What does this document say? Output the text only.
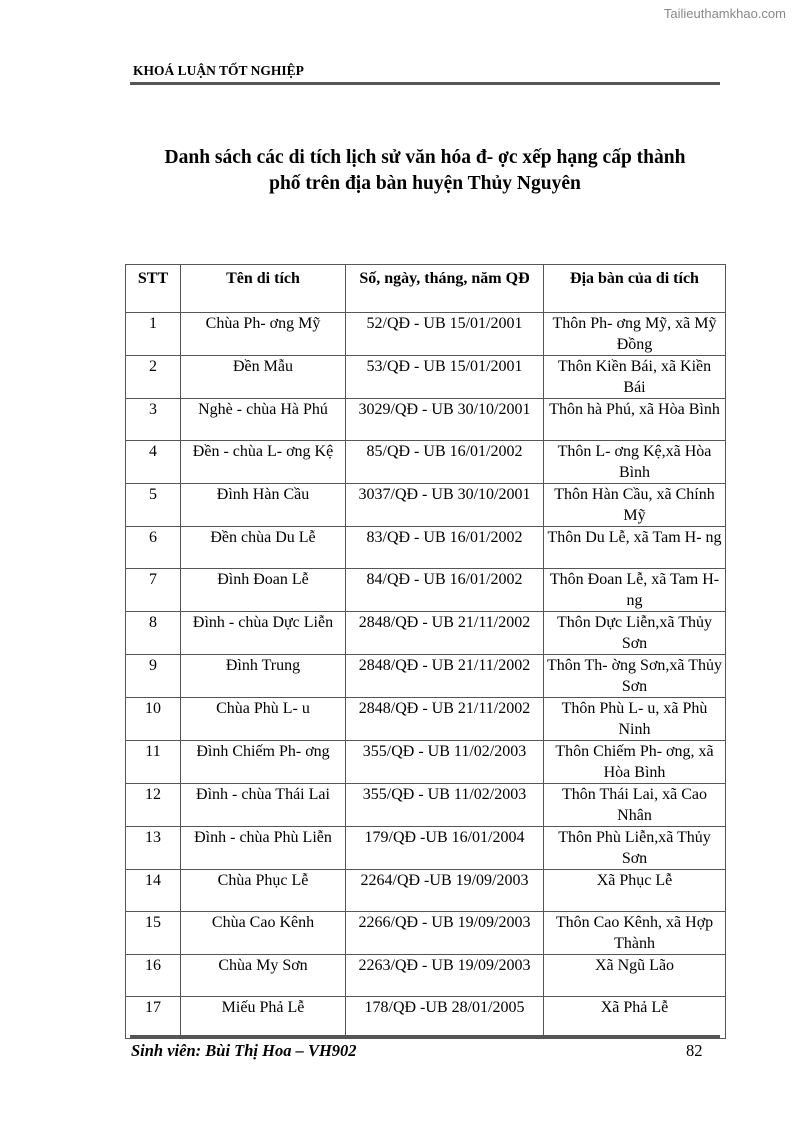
Tailieuthamkhao.com
KHOÁ LUẬN TỐT NGHIỆP
Danh sách các di tích lịch sử văn hóa đ- ợc xếp hạng cấp thành
phố trên địa bàn huyện Thủy Nguyên
STT	Tên di tích	Số, ngày, tháng, năm QĐ	Địa bàn của di tích
1	Chùa Ph- ơng Mỹ	52/QĐ - UB 15/01/2001	Thôn Ph- ơng Mỹ, xã Mỹ Đồng
2	Đền Mẫu	53/QĐ - UB 15/01/2001	Thôn Kiền Bái, xã Kiền Bái
3	Nghè - chùa Hà Phú	3029/QĐ - UB 30/10/2001	Thôn hà Phú, xã Hòa Bình
4	Đền - chùa L- ơng Kệ	85/QĐ - UB 16/01/2002	Thôn L- ơng Kệ,xã Hòa Bình
5	Đình Hàn Cầu	3037/QĐ - UB 30/10/2001	Thôn Hàn Cầu, xã Chính Mỹ
6	Đền chùa Du Lễ	83/QĐ - UB 16/01/2002	Thôn Du Lễ, xã Tam H- ng
7	Đình Đoan Lễ	84/QĐ - UB 16/01/2002	Thôn Đoan Lễ, xã Tam H- ng
8	Đình - chùa Dực Liễn	2848/QĐ - UB 21/11/2002	Thôn Dực Liễn,xã Thủy Sơn
9	Đình Trung	2848/QĐ - UB 21/11/2002	Thôn Th- ờng Sơn,xã Thủy Sơn
10	Chùa Phù L- u	2848/QĐ - UB 21/11/2002	Thôn Phù L- u, xã Phù Ninh
11	Đình Chiếm Ph- ơng	355/QĐ - UB 11/02/2003	Thôn Chiếm Ph- ơng, xã Hòa Bình
12	Đình - chùa Thái Lai	355/QĐ - UB 11/02/2003	Thôn Thái Lai, xã Cao Nhân
13	Đình - chùa Phù Liễn	179/QĐ -UB 16/01/2004	Thôn Phù Liễn,xã Thủy Sơn
14	Chùa Phục Lễ	2264/QĐ -UB 19/09/2003	Xã Phục Lễ
15	Chùa Cao Kênh	2266/QĐ - UB 19/09/2003	Thôn Cao Kênh, xã Hợp Thành
16	Chùa My Sơn	2263/QĐ - UB 19/09/2003	Xã Ngũ Lão
17	Miếu Phả Lễ	178/QĐ -UB 28/01/2005	Xã Phả Lễ
Sinh viên: Bùi Thị Hoa – VH902	82
